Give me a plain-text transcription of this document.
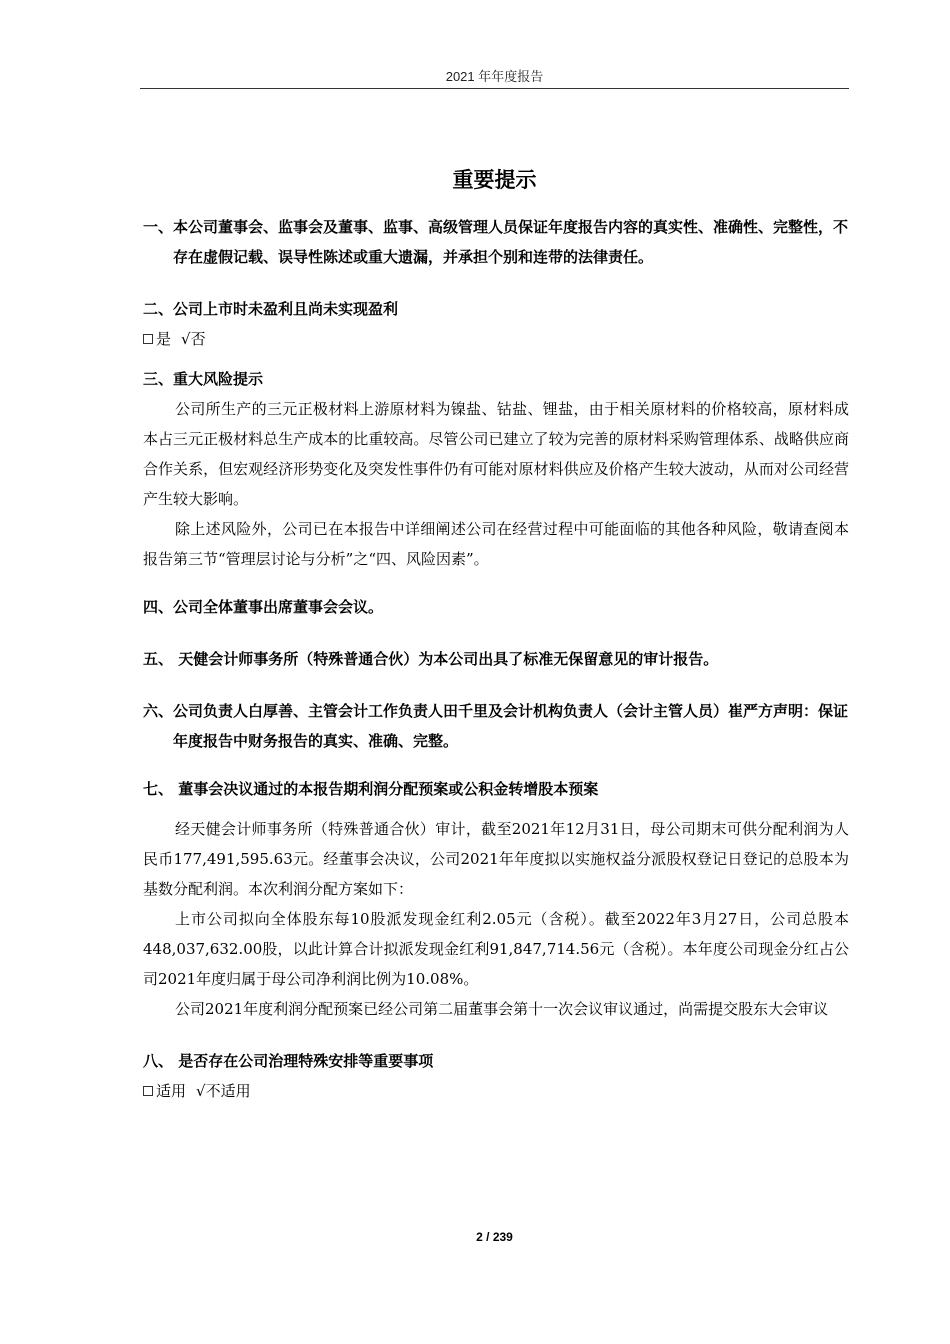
2021 年年度报告
重要提示

一、本公司董事会、监事会及董事、监事、高级管理人员保证年度报告内容的真实性、准确性、完整性，不存在虚假记载、误导性陈述或重大遗漏，并承担个别和连带的法律责任。

二、公司上市时未盈利且尚未实现盈利

是 √否

三、重大风险提示

公司所生产的三元正极材料上游原材料为镍盐、钴盐、锂盐，由于相关原材料的价格较高，原材料成本占三元正极材料总生产成本的比重较高。尽管公司已建立了较为完善的原材料采购管理体系、战略供应商合作关系，但宏观经济形势变化及突发性事件仍有可能对原材料供应及价格产生较大波动，从而对公司经营产生较大影响。

除上述风险外，公司已在本报告中详细阐述公司在经营过程中可能面临的其他各种风险，敬请查阅本报告第三节“管理层讨论与分析”之“四、风险因素”。

四、公司全体董事出席董事会会议。

五、 天健会计师事务所（特殊普通合伙）为本公司出具了标准无保留意见的审计报告。

六、公司负责人白厚善、主管会计工作负责人田千里及会计机构负责人（会计主管人员）崔严方声明：保证年度报告中财务报告的真实、准确、完整。

七、 董事会决议通过的本报告期利润分配预案或公积金转增股本预案

经天健会计师事务所（特殊普通合伙）审计，截至2021年12月31日，母公司期末可供分配利润为人民币177,491,595.63元。经董事会决议，公司2021年年度拟以实施权益分派股权登记日登记的总股本为基数分配利润。本次利润分配方案如下：

上市公司拟向全体股东每10股派发现金红利2.05元（含税）。截至2022年3月27日，公司总股本448,037,632.00股，以此计算合计拟派发现金红利91,847,714.56元（含税）。本年度公司现金分红占公司2021年度归属于母公司净利润比例为10.08%。

公司2021年度利润分配预案已经公司第二届董事会第十一次会议审议通过，尚需提交股东大会审议

八、 是否存在公司治理特殊安排等重要事项

适用 √不适用

2 / 239
